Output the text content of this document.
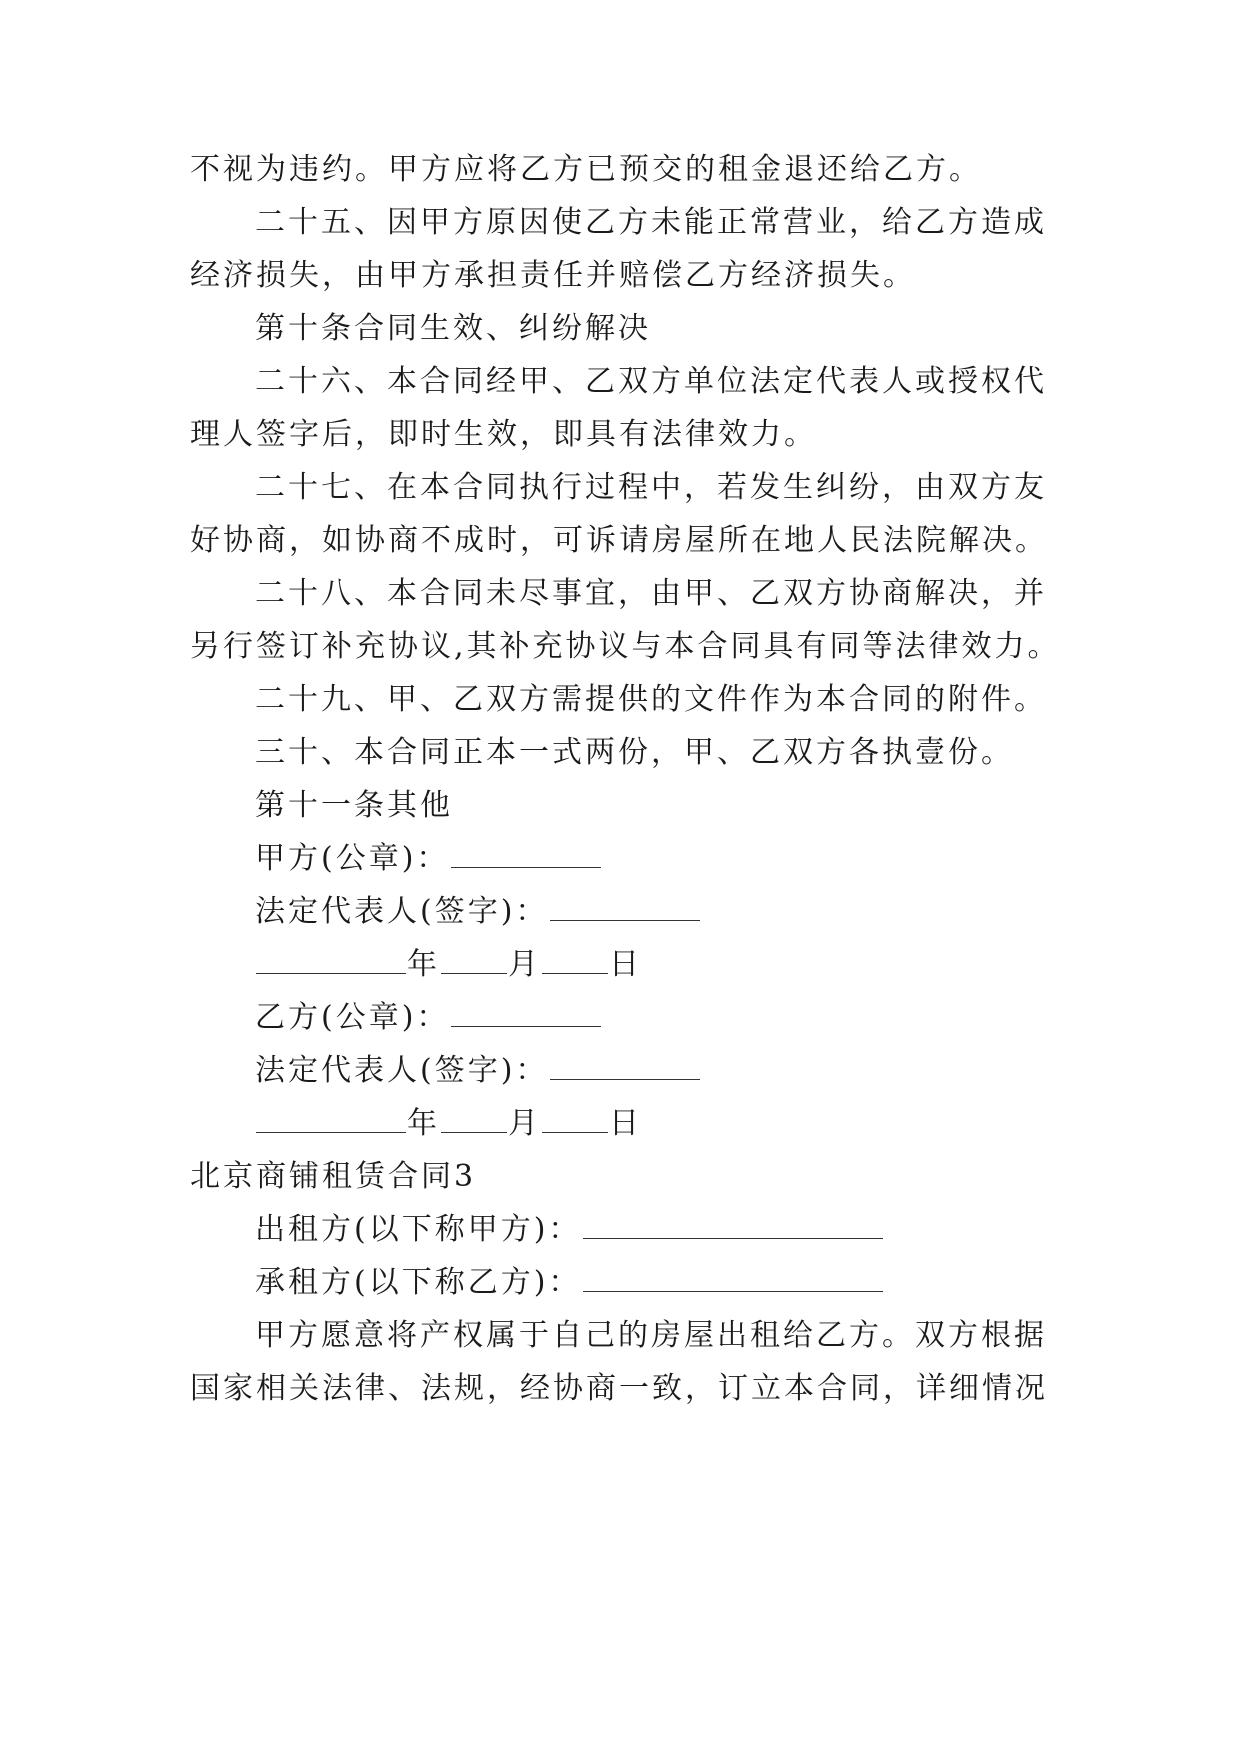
不视为违约。甲方应将乙方已预交的租金退还给乙方。
二十五、因甲方原因使乙方未能正常营业，给乙方造成
经济损失，由甲方承担责任并赔偿乙方经济损失。
第十条合同生效、纠纷解决
二十六、本合同经甲、乙双方单位法定代表人或授权代
理人签字后，即时生效，即具有法律效力。
二十七、在本合同执行过程中，若发生纠纷，由双方友
好协商，如协商不成时，可诉请房屋所在地人民法院解决。
二十八、本合同未尽事宜，由甲、乙双方协商解决，并
另行签订补充协议,其补充协议与本合同具有同等法律效力。
二十九、甲、乙双方需提供的文件作为本合同的附件。
三十、本合同正本一式两份，甲、乙双方各执壹份。
第十一条其他
甲方(公章)：
法定代表人(签字)：
年 月 日
乙方(公章)：
法定代表人(签字)：
年 月 日
北京商铺租赁合同3
出租方(以下称甲方)：
承租方(以下称乙方)：
甲方愿意将产权属于自己的房屋出租给乙方。双方根据
国家相关法律、法规，经协商一致，订立本合同，详细情况
